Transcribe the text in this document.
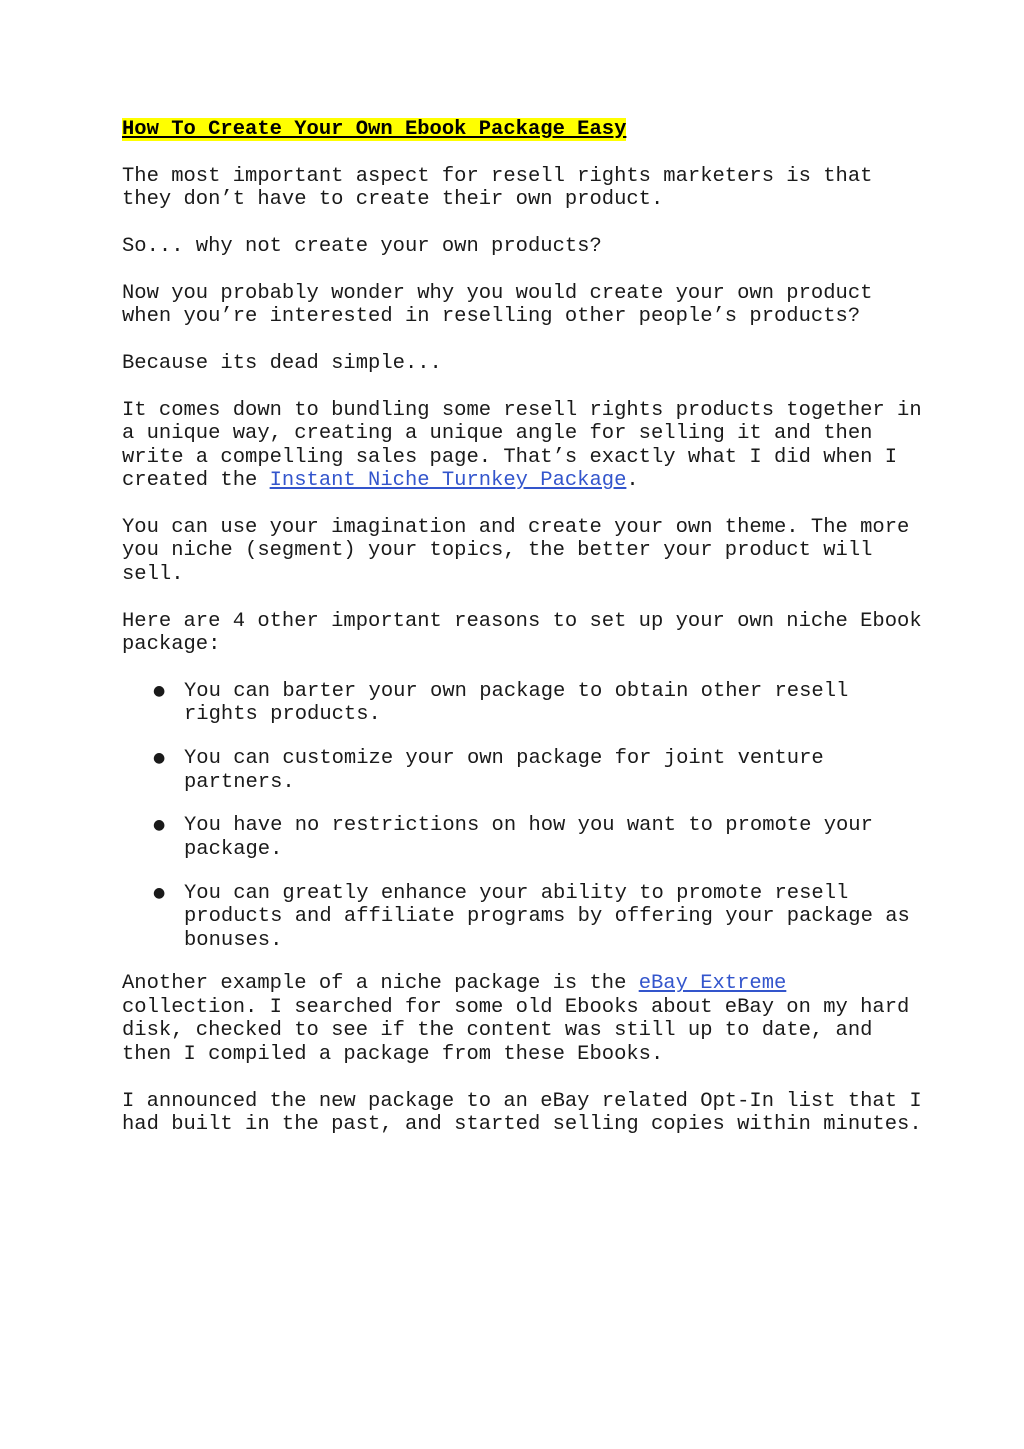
How To Create Your Own Ebook Package Easy

The most important aspect for resell rights marketers is that they don’t have to create their own product.

So... why not create your own products?

Now you probably wonder why you would create your own product when you’re interested in reselling other people’s products?

Because its dead simple...

It comes down to bundling some resell rights products together in a unique way, creating a unique angle for selling it and then write a compelling sales page. That’s exactly what I did when I created the Instant Niche Turnkey Package.

You can use your imagination and create your own theme. The more you niche (segment) your topics, the better your product will sell.

Here are 4 other important reasons to set up your own niche Ebook package:

● You can barter your own package to obtain other resell rights products.
● You can customize your own package for joint venture partners.
● You have no restrictions on how you want to promote your package.
● You can greatly enhance your ability to promote resell products and affiliate programs by offering your package as bonuses.

Another example of a niche package is the eBay Extreme collection. I searched for some old Ebooks about eBay on my hard disk, checked to see if the content was still up to date, and then I compiled a package from these Ebooks.

I announced the new package to an eBay related Opt-In list that I had built in the past, and started selling copies within minutes.
